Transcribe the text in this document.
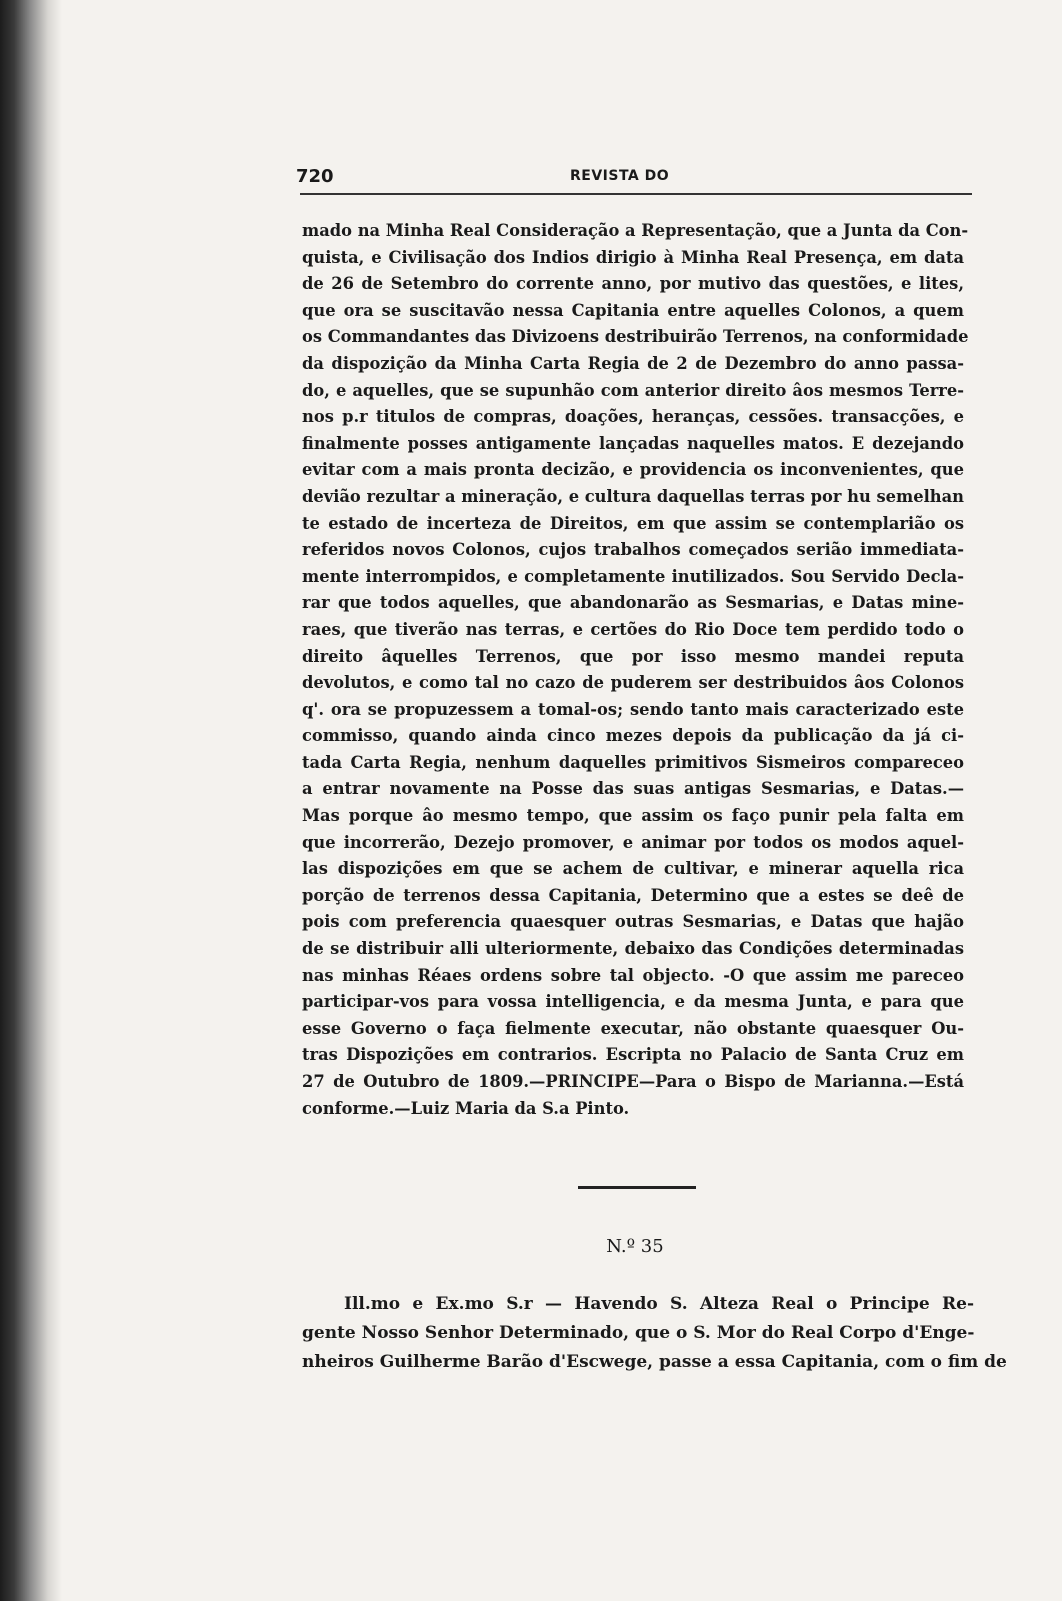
720	REVISTA DO
mado na Minha Real Consideração a Representação, que a Junta da Con-
quista, e Civilisação dos Indios dirigio à Minha Real Presença, em data
de 26 de Setembro do corrente anno, por mutivo das questões, e lites,
que ora se suscitavão nessa Capitania entre aquelles Colonos, a quem
os Commandantes das Divizoens destribuirão Terrenos, na conformidade
da dispozição da Minha Carta Regia de 2 de Dezembro do anno passa-
do, e aquelles, que se supunhão com anterior direito âos mesmos Terre-
nos p.r titulos de compras, doações, heranças, cessões. transacções, e
finalmente posses antigamente lançadas naquelles matos. E dezejando
evitar com a mais pronta decizão, e providencia os inconvenientes, que
devião rezultar a mineração, e cultura daquellas terras por hu semelhan
te estado de incerteza de Direitos, em que assim se contemplarião os
referidos novos Colonos, cujos trabalhos começados serião immediata-
mente interrompidos, e completamente inutilizados. Sou Servido Decla-
rar que todos aquelles, que abandonarão as Sesmarias, e Datas mine-
raes, que tiverão nas terras, e certões do Rio Doce tem perdido todo o
direito âquelles Terrenos, que por isso mesmo mandei reputa
devolutos, e como tal no cazo de puderem ser destribuidos âos Colonos
q'. ora se propuzessem a tomal-os; sendo tanto mais caracterizado este
commisso, quando ainda cinco mezes depois da publicação da já ci-
tada Carta Regia, nenhum daquelles primitivos Sismeiros compareceo
a entrar novamente na Posse das suas antigas Sesmarias, e Datas.—
Mas porque âo mesmo tempo, que assim os faço punir pela falta em
que incorrerão, Dezejo promover, e animar por todos os modos aquel-
las dispozições em que se achem de cultivar, e minerar aquella rica
porção de terrenos dessa Capitania, Determino que a estes se deê de
pois com preferencia quaesquer outras Sesmarias, e Datas que hajão
de se distribuir alli ulteriormente, debaixo das Condições determinadas
nas minhas Réaes ordens sobre tal objecto. -O que assim me pareceo
participar-vos para vossa intelligencia, e da mesma Junta, e para que
esse Governo o faça fielmente executar, não obstante quaesquer Ou-
tras Dispozições em contrarios. Escripta no Palacio de Santa Cruz em
27 de Outubro de 1809.—PRINCIPE—Para o Bispo de Marianna.—Está
conforme.—Luiz Maria da S.a Pinto.
N.º 35
Ill.mo e Ex.mo S.r — Havendo S. Alteza Real o Principe Re-
gente Nosso Senhor Determinado, que o S. Mor do Real Corpo d'Enge-
nheiros Guilherme Barão d'Escwege, passe a essa Capitania, com o fim de
